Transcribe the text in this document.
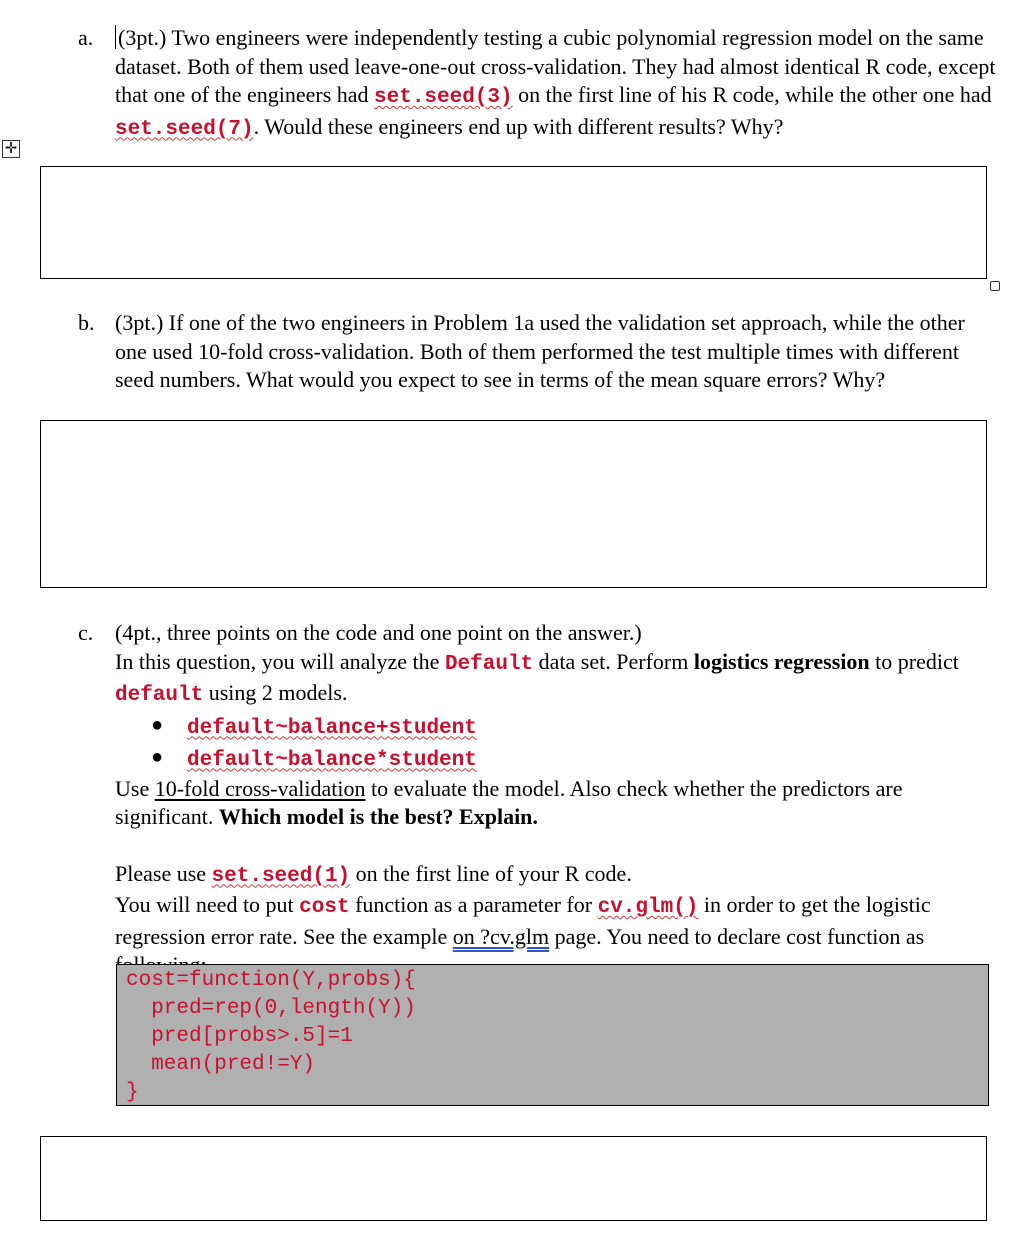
✛
a. (3pt.) Two engineers were independently testing a cubic polynomial regression model on the same dataset. Both of them used leave-one-out cross-validation. They had almost identical R code, except that one of the engineers had set.seed(3) on the first line of his R code, while the other one had set.seed(7). Would these engineers end up with different results? Why?
b. (3pt.) If one of the two engineers in Problem 1a used the validation set approach, while the other one used 10-fold cross-validation. Both of them performed the test multiple times with different seed numbers. What would you expect to see in terms of the mean square errors? Why?
c. (4pt., three points on the code and one point on the answer.)
In this question, you will analyze the Default data set. Perform logistics regression to predict default using 2 models.
● default~balance+student
● default~balance*student
Use 10-fold cross-validation to evaluate the model. Also check whether the predictors are significant. Which model is the best? Explain.
Please use set.seed(1) on the first line of your R code.
You will need to put cost function as a parameter for cv.glm() in order to get the logistic regression error rate. See the example on ?cv.glm page. You need to declare cost function as
cost=function(Y,probs){
pred=rep(0,length(Y))
pred[probs>.5]=1
mean(pred!=Y)
}
